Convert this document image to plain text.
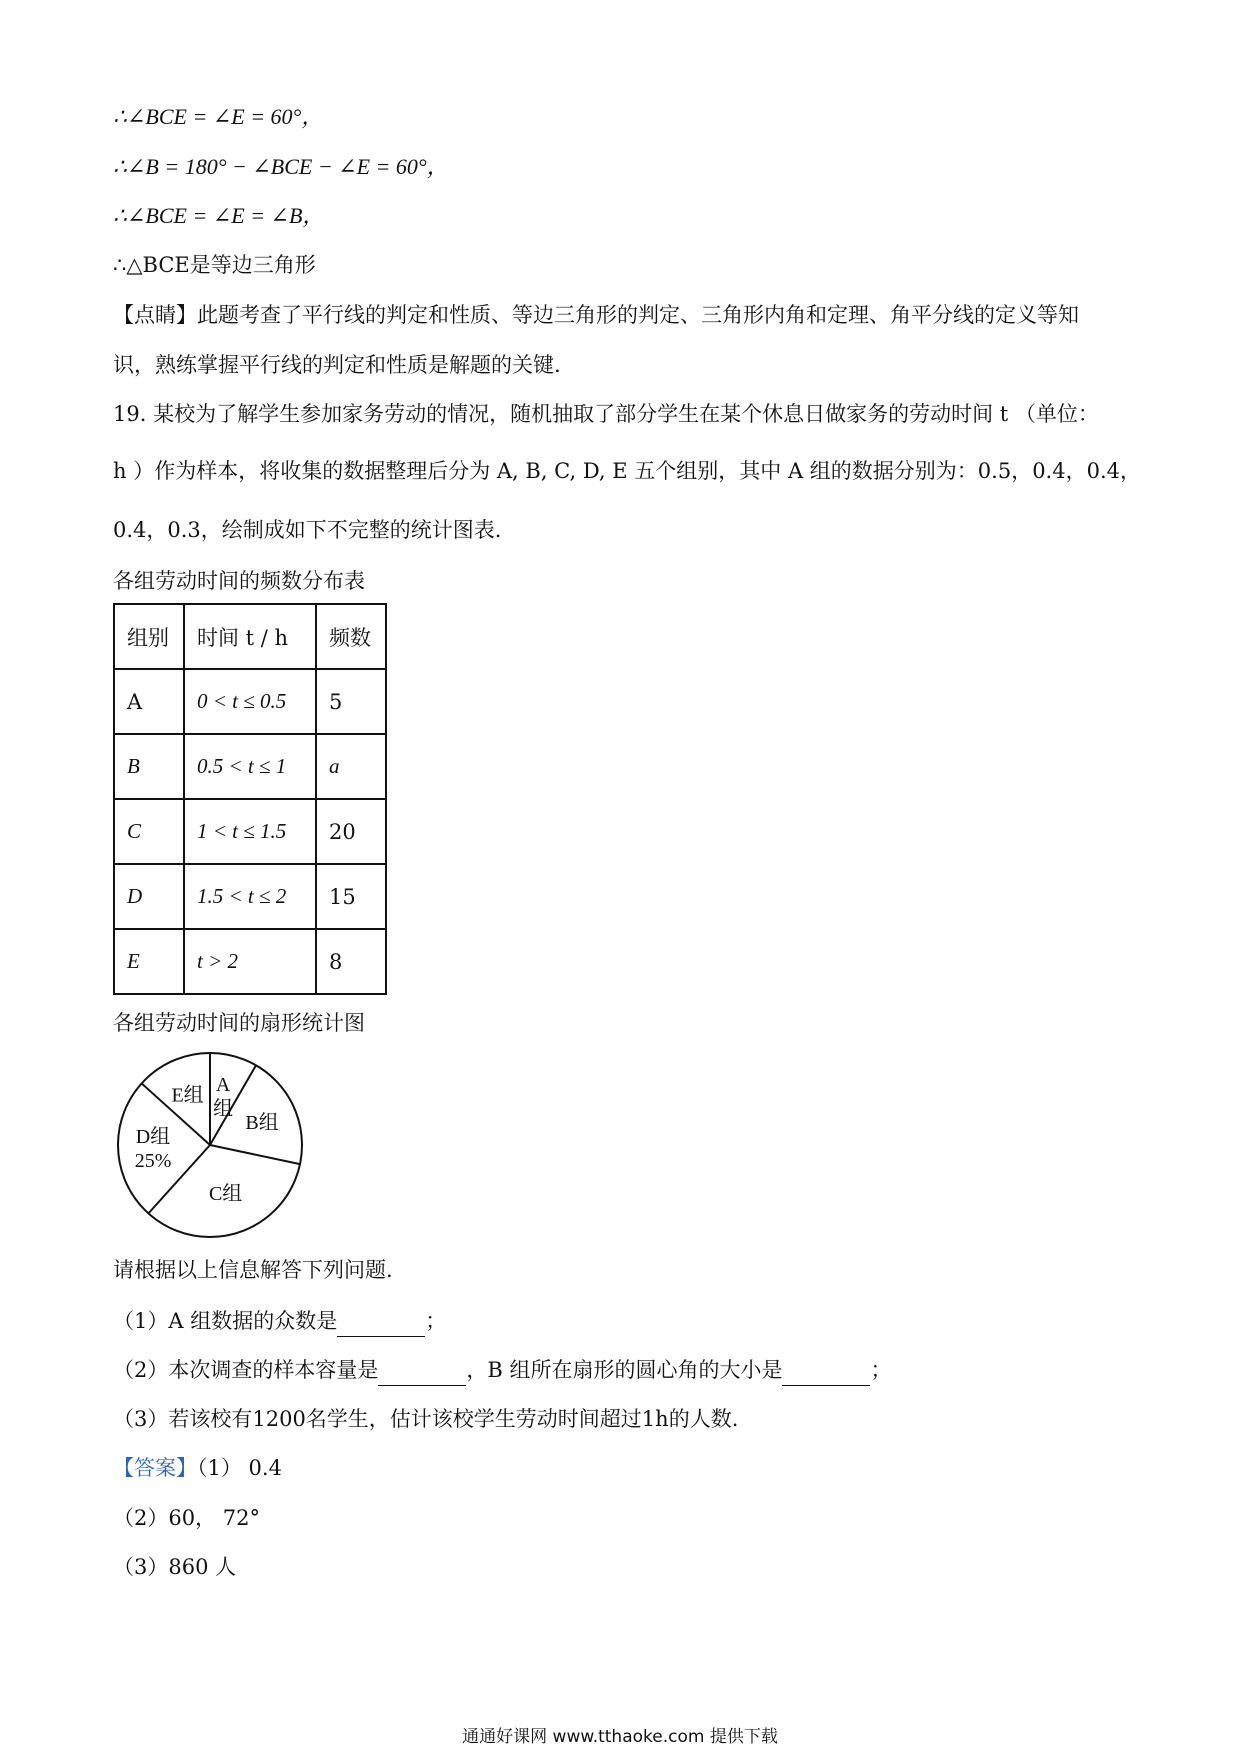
∴∠BCE = ∠E = 60°，
∴∠B = 180° − ∠BCE − ∠E = 60°，
∴∠BCE = ∠E = ∠B，
∴△BCE是等边三角形
【点睛】此题考查了平行线的判定和性质、等边三角形的判定、三角形内角和定理、角平分线的定义等知
识，熟练掌握平行线的判定和性质是解题的关键.
19. 某校为了解学生参加家务劳动的情况，随机抽取了部分学生在某个休息日做家务的劳动时间 t （单位：
h ）作为样本，将收集的数据整理后分为 A, B, C, D, E 五个组别，其中 A 组的数据分别为：0.5，0.4，0.4，
0.4，0.3，绘制成如下不完整的统计图表.
各组劳动时间的频数分布表
组别	时间 t / h	频数
A	0 < t ≤ 0.5	5
B	0.5 < t ≤ 1	a
C	1 < t ≤ 1.5	20
D	1.5 < t ≤ 2	15
E	t > 2	8
各组劳动时间的扇形统计图
A 组
B组
C组
D组 25%
E组
请根据以上信息解答下列问题.
（1）A 组数据的众数是	；
（2）本次调查的样本容量是	，B 组所在扇形的圆心角的大小是	；
（3）若该校有1200名学生，估计该校学生劳动时间超过1h的人数.
【答案】（1） 0.4
（2）60， 72°
（3）860 人
通通好课网 www.tthaoke.com 提供下载
